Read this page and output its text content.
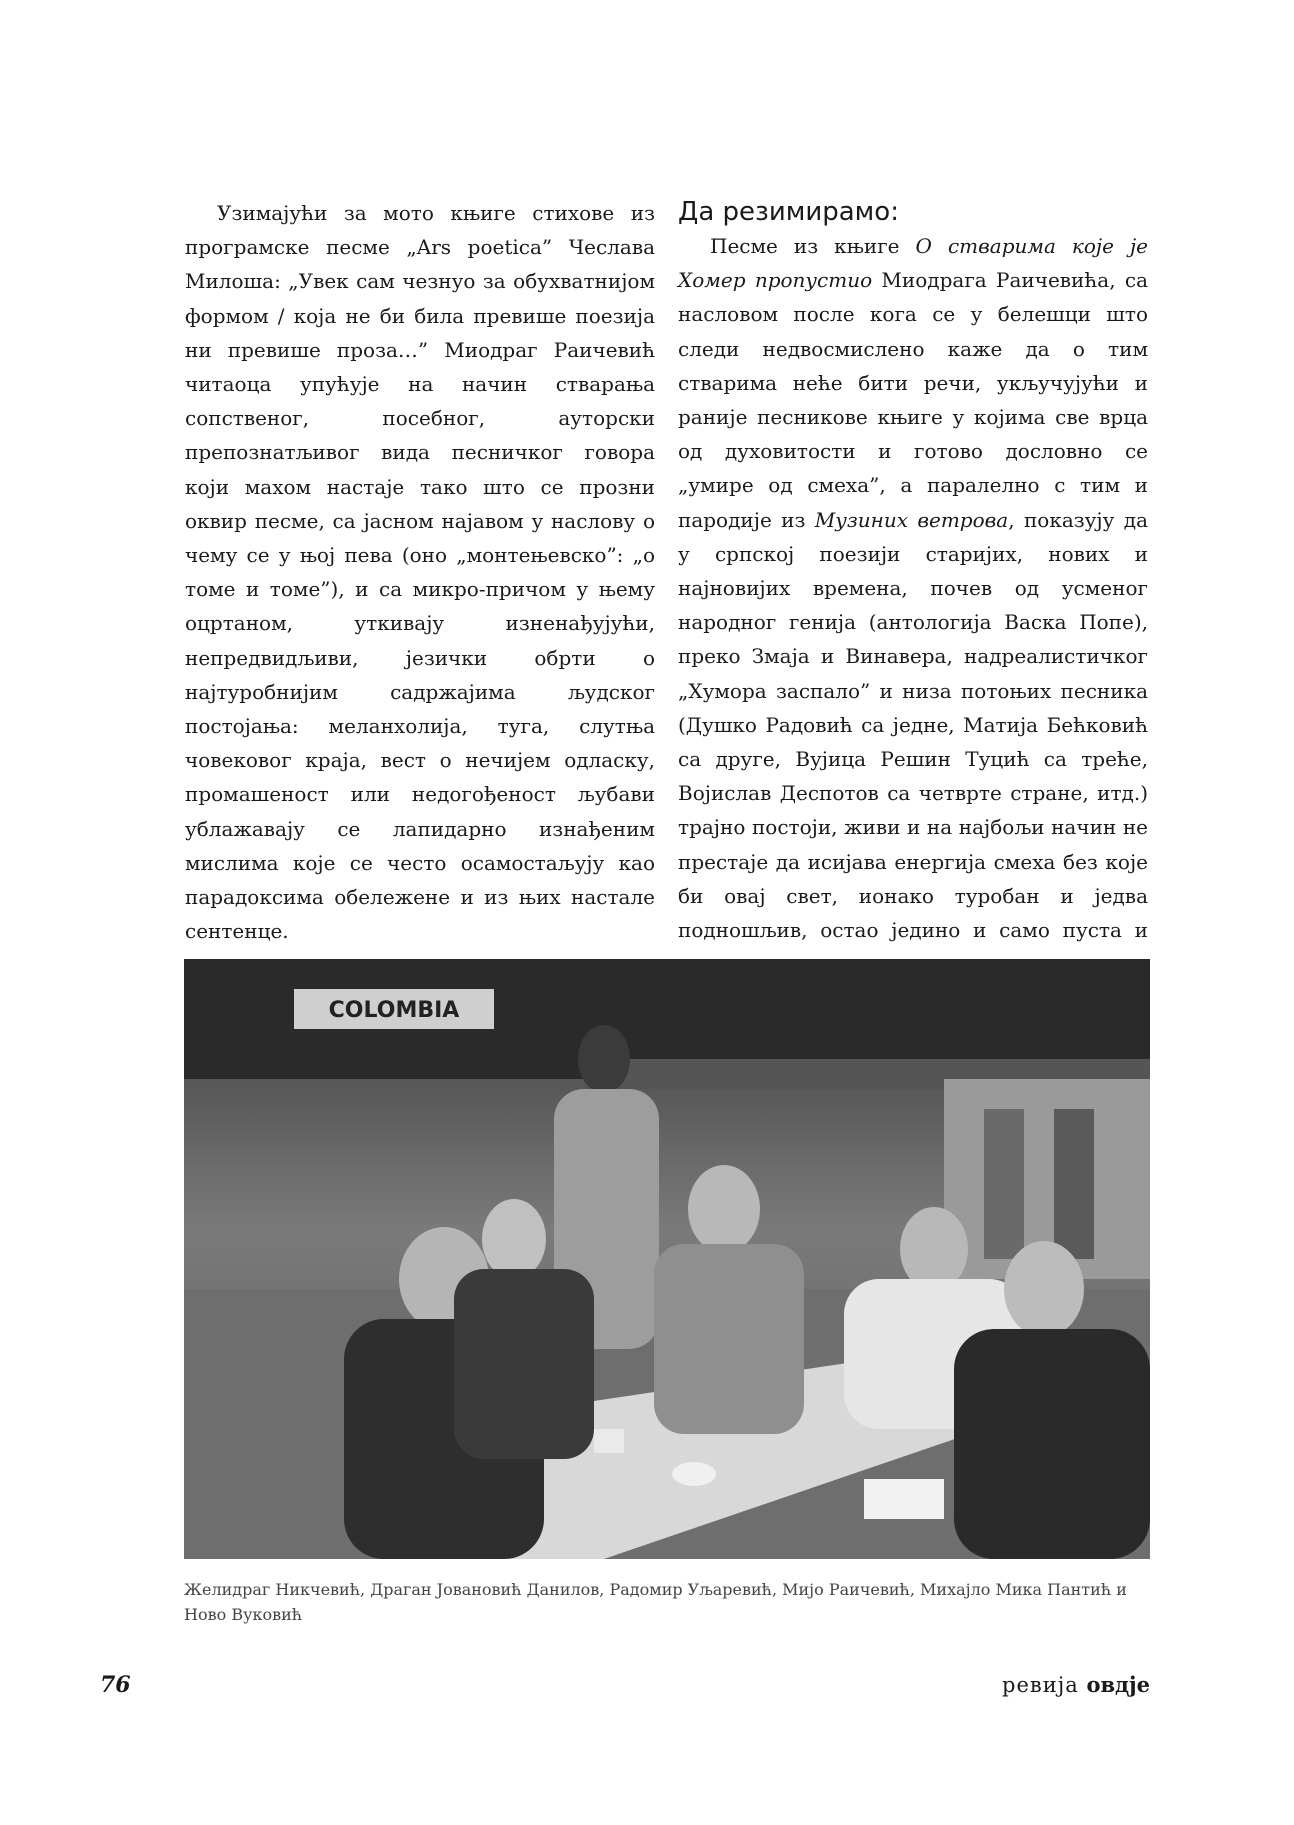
Узимајући за мото књиге стихове из програмске песме „Ars poetica” Чеслава Милоша: „Увек сам чезнуо за обухватнијом формом / која не би била превише поезија ни превише проза…” Миодраг Раичевић читаоца упућује на начин стварања сопственог, посебног, ауторски препознатљивог вида песничког говора који махом настаје тако што се прозни оквир песме, са јасном најавом у наслову о чему се у њој пева (оно „монтењевско”: „о томе и томе”), и са микро-причом у њему оцртаном, уткивају изненађујући, непредвидљиви, језички обрти о најтуробнијим садржајима људског постојања: меланхолија, туга, слутња човековог краја, вест о нечијем одласку, промашеност или недогођеност љубави ублажавају се лапидарно изнађеним мислима које се често осамостаљују као парадоксима обележене и из њих настале сентенце.

Да резимирамо:

Песме из књиге О стварима које је Хомер пропустио Миодрага Раичевића, са насловом после кога се у белешци што следи недвосмислено каже да о тим стварима неће бити речи, укључујући и раније песникове књиге у којима све врца од духовитости и готово дословно се „умире од смеха”, а паралелно с тим и пародије из Музиних ветрова, показују да у српској поезији старијих, нових и најновијих времена, почев од усменог народног генија (антологија Васка Попе), преко Змаја и Винавера, надреалистичког „Хумора заспало” и низа потоњих песника (Душко Радовић са једне, Матија Бећковић са друге, Вујица Решин Туцић са треће, Војислав Деспотов са четврте стране, итд.) трајно постоји, живи и на најбољи начин не престаје да исијава енергија смеха без које би овај свет, ионако туробан и једва подношљив, остао једино и само пуста и

COLOMBIA
Желидраг Никчевић, Драган Јовановић Данилов, Радомир Уљаревић, Мијо Раичевић, Михајло Мика Пантић и Ново Вуковић
76	ревија овдје
